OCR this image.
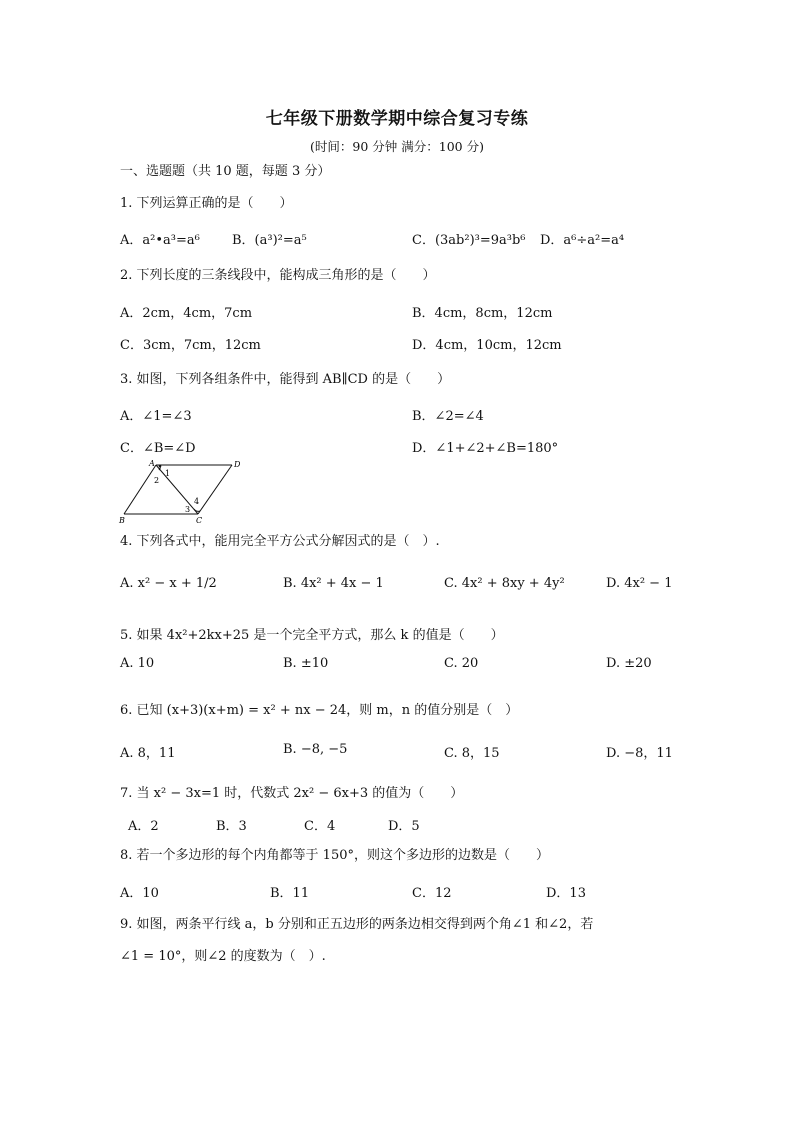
七年级下册数学期中综合复习专练
(时间：90 分钟 满分：100 分)
一、选题题（共 10 题，每题 3 分）
1. 下列运算正确的是（　　）
A．a²•a³=a⁶ B．(a³)²=a⁵	C．(3ab²)³=9a³b⁶ D．a⁶÷a²=a⁴
2. 下列长度的三条线段中，能构成三角形的是（　　）
A．2cm，4cm，7cm	B．4cm，8cm，12cm
C．3cm，7cm，12cm	D．4cm，10cm，12cm
3. 如图，下列各组条件中，能得到 AB∥CD 的是（　　）
A．∠1=∠3	B．∠2=∠4
C．∠B=∠D	D．∠1+∠2+∠B=180°
A	D
1
2
4
3
B	C
4. 下列各式中，能用完全平方公式分解因式的是（　）.
A. x² − x + 1/2	B. 4x² + 4x − 1	C. 4x² + 8xy + 4y²	D. 4x² − 1
5. 如果 4x²+2kx+25 是一个完全平方式，那么 k 的值是（　　）
A. 10	B. ±10	C. 20	D. ±20
6. 已知 (x+3)(x+m) = x² + nx − 24，则 m，n 的值分别是（　）
A. 8，11	B. −8, −5	C. 8，15	D. −8，11
7. 当 x² − 3x=1 时，代数式 2x² − 6x+3 的值为（　　）
A．2	B．3	C．4	D．5
8. 若一个多边形的每个内角都等于 150°，则这个多边形的边数是（　　）
A．10	B．11	C．12	D．13
9. 如图，两条平行线 a，b 分别和正五边形的两条边相交得到两个角∠1 和∠2，若
∠1 = 10°，则∠2 的度数为（　）.
